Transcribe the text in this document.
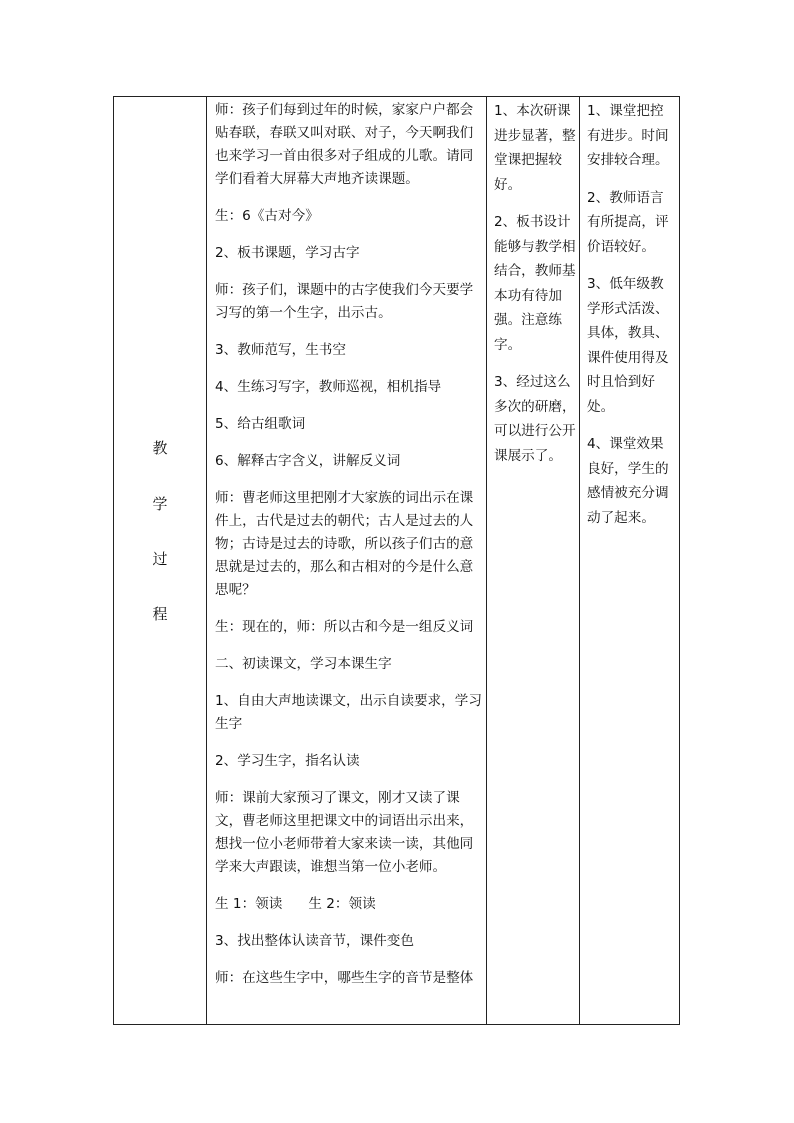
教
学
过
程

师：孩子们每到过年的时候，家家户户都会贴春联，春联又叫对联、对子，今天啊我们也来学习一首由很多对子组成的儿歌。请同学们看着大屏幕大声地齐读课题。

生：6《古对今》

2、板书课题，学习古字

师：孩子们，课题中的古字使我们今天要学习写的第一个生字，出示古。

3、教师范写，生书空

4、生练习写字，教师巡视，相机指导

5、给古组歌词

6、解释古字含义，讲解反义词

师：曹老师这里把刚才大家族的词出示在课件上，古代是过去的朝代；古人是过去的人物；古诗是过去的诗歌，所以孩子们古的意思就是过去的，那么和古相对的今是什么意思呢？

生：现在的，师：所以古和今是一组反义词

二、初读课文，学习本课生字

1、自由大声地读课文，出示自读要求，学习生字

2、学习生字，指名认读

师：课前大家预习了课文，刚才又读了课文，曹老师这里把课文中的词语出示出来，想找一位小老师带着大家来读一读，其他同学来大声跟读，谁想当第一位小老师。

生 1：领读 生 2：领读

3、找出整体认读音节，课件变色

师：在这些生字中，哪些生字的音节是整体

1、本次研课进步显著，整堂课把握较好。

2、板书设计能够与教学相结合，教师基本功有待加强。注意练字。

3、经过这么多次的研磨，可以进行公开课展示了。

1、课堂把控有进步。时间安排较合理。

2、教师语言有所提高，评价语较好。

3、低年级教学形式活泼、具体，教具、课件使用得及时且恰到好处。

4、课堂效果良好，学生的感情被充分调动了起来。
